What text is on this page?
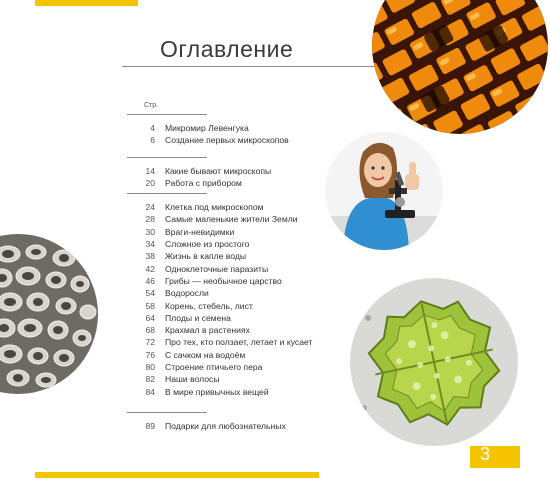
Оглавление
Стр.
4	Микромир Левенгука
6	Создание первых микроскопов
14	Какие бывают микроскопы
20	Работа с прибором
24	Клетка под микроскопом
28	Самые маленькие жители Земли
30	Враги-невидимки
34	Сложное из простого
38	Жизнь в капле воды
42	Одноклеточные паразиты
46	Грибы — необычное царство
54	Водоросли
58	Корень, стебель, лист
64	Плоды и семена
68	Крахмал в растениях
72	Про тех, кто ползает, летает и кусает
76	С сачком на водоём
80	Строение птичьего пера
82	Наши волосы
84	В мире привычных вещей
89	Подарки для любознательных
3
